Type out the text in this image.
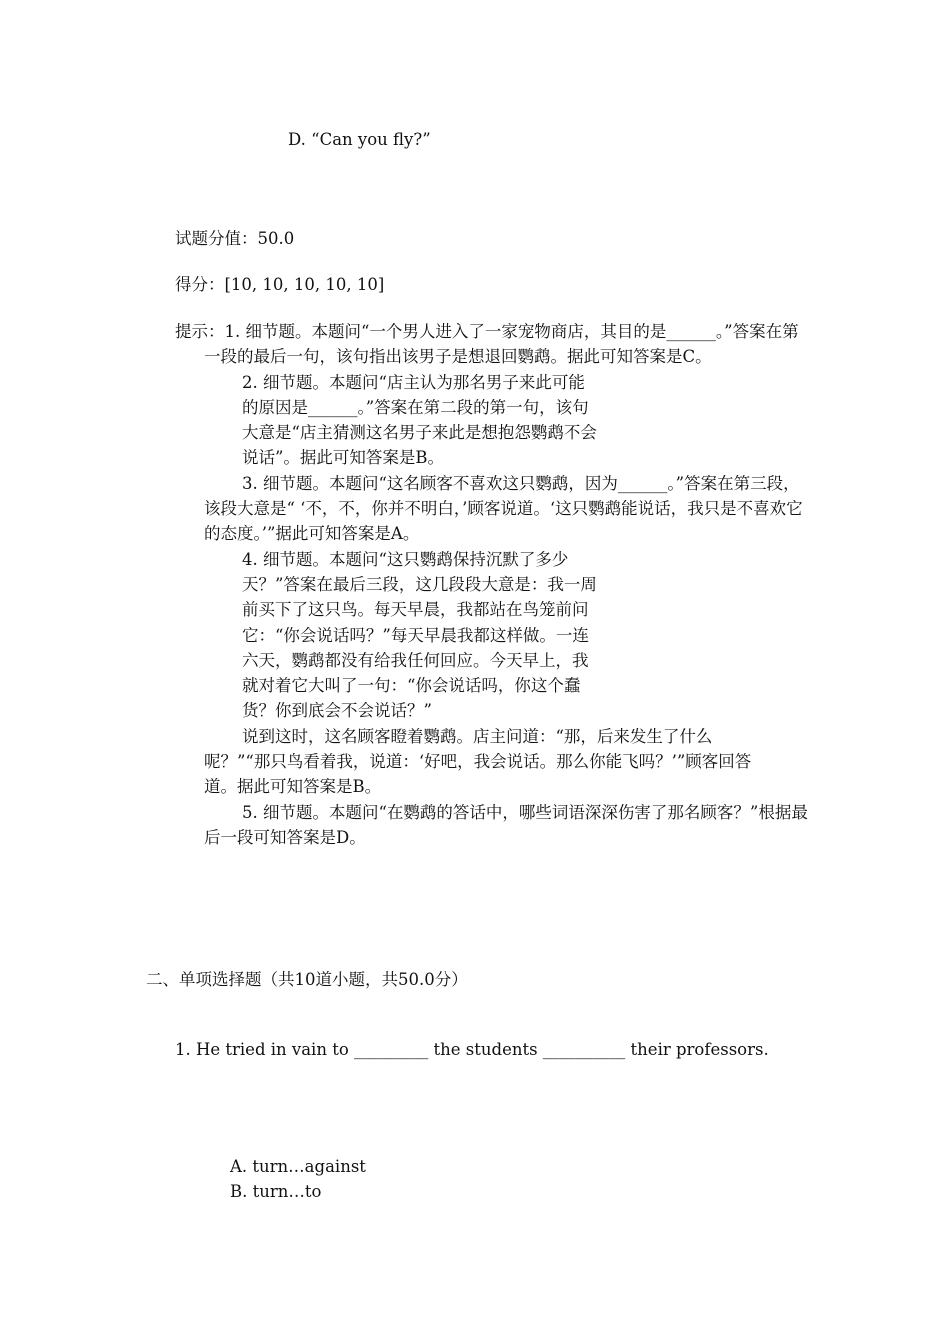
D. “Can you fly?”
试题分值：50.0
得分：[10, 10, 10, 10, 10]

提示：1. 细节题。本题问“一个男人进入了一家宠物商店，其目的是______。”答案在第一段的最后一句，该句指出该男子是想退回鹦鹉。据此可知答案是C。

2. 细节题。本题问“店主认为那名男子来此可能的原因是______。”答案在第二段的第一句，该句大意是“店主猜测这名男子来此是想抱怨鹦鹉不会说话”。据此可知答案是B。

3. 细节题。本题问“这名顾客不喜欢这只鹦鹉，因为______。”答案在第三段，该段大意是“ ‘不，不，你并不明白，’顾客说道。‘这只鹦鹉能说话，我只是不喜欢它的态度。’”据此可知答案是A。

4. 细节题。本题问“这只鹦鹉保持沉默了多少天？”答案在最后三段，这几段段大意是：我一周前买下了这只鸟。每天早晨，我都站在鸟笼前问它：“你会说话吗？”每天早晨我都这样做。一连六天，鹦鹉都没有给我任何回应。今天早上，我就对着它大叫了一句：“你会说话吗，你这个蠢货？你到底会不会说话？”

说到这时，这名顾客瞪着鹦鹉。店主问道：“那，后来发生了什么

呢？”“那只鸟看着我，说道：‘好吧，我会说话。那么你能飞吗？’”顾客回答道。据此可知答案是B。

5. 细节题。本题问“在鹦鹉的答话中，哪些词语深深伤害了那名顾客？”根据最后一段可知答案是D。

二、单项选择题（共10道小题，共50.0分）
1. He tried in vain to _________ the students __________ their professors.
A. turn…against
B. turn…to
